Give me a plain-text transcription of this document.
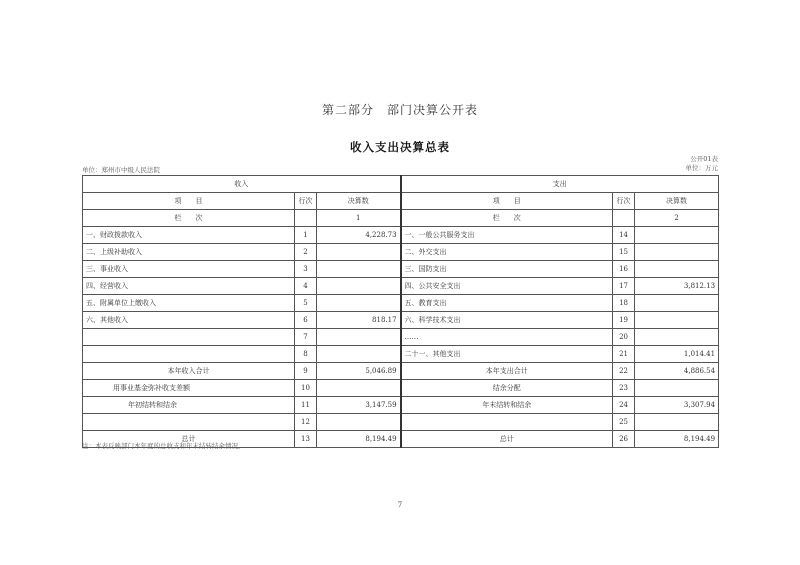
第二部分　部门决算公开表
收入支出决算总表
单位：郑州市中级人民法院
公开01表
单位：万元
收入			支出		
项　　目	行次	决算数	项　　目	行次	决算数
栏　　次		1	栏　　次		2
一、财政拨款收入	1	4,228.73	一、一般公共服务支出	14	
二、上级补助收入	2		二、外交支出	15	
三、事业收入	3		三、国防支出	16	
四、经营收入	4		四、公共安全支出	17	3,812.13
五、附属单位上缴收入	5		五、教育支出	18	
六、其他收入	6	818.17	六、科学技术支出	19	
	7		……	20	
	8		二十一、其他支出	21	1,014.41
本年收入合计	9	5,046.89	本年支出合计	22	4,886.54
用事业基金弥补收支差额	10		结余分配	23	
年初结转和结余	11	3,147.59	年末结转和结余	24	3,307.94
	12			25	
总计	13	8,194.49	总计	26	8,194.49
注：本表反映部门本年度的总收支和年末结转结余情况。
7
